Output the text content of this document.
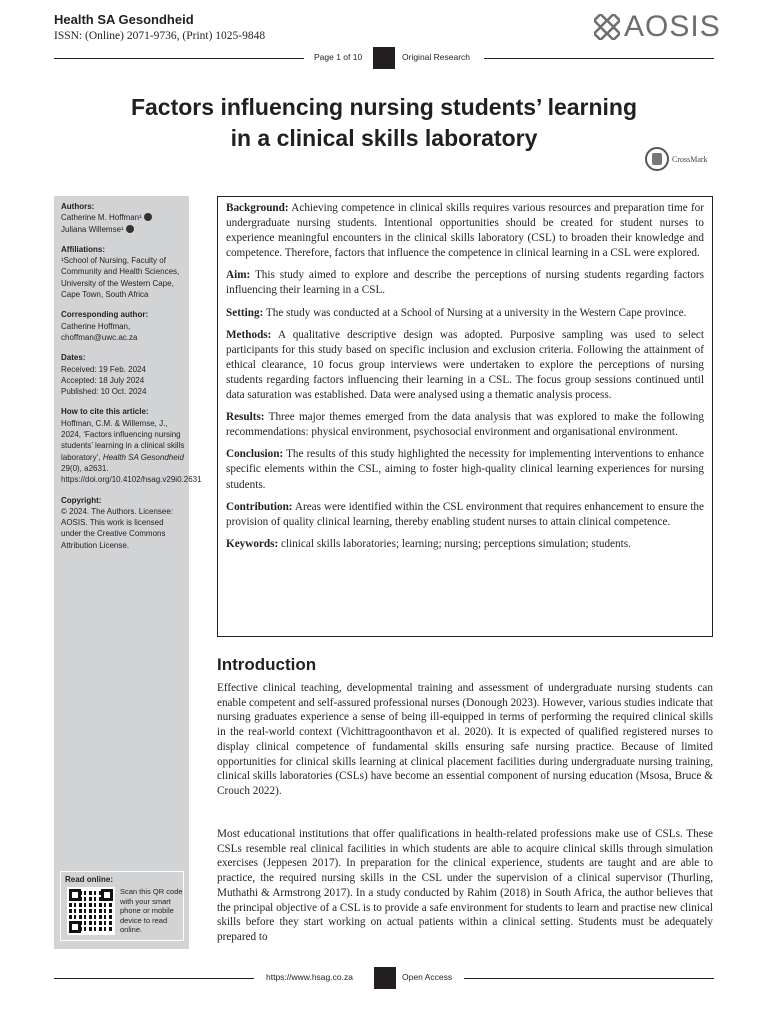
Health SA Gesondheid
ISSN: (Online) 2071-9736, (Print) 1025-9848	AOSIS
Page 1 of 10	Original Research
Factors influencing nursing students’ learning
in a clinical skills laboratory
CrossMark
Authors:
Catherine M. Hoffman¹
Juliana Willemse¹
Affiliations:
¹School of Nursing, Faculty of Community and Health Sciences, University of the Western Cape, Cape Town, South Africa
Corresponding author:
Catherine Hoffman,
choffman@uwc.ac.za
Dates:
Received: 19 Feb. 2024
Accepted: 18 July 2024
Published: 10 Oct. 2024
How to cite this article:
Hoffman, C.M. & Willemse, J., 2024, ‘Factors influencing nursing students’ learning in a clinical skills laboratory’, Health SA Gesondheid 29(0), a2631. https://doi.org/10.4102/hsag.v29i0.2631
Copyright:
© 2024. The Authors. Licensee: AOSIS. This work is licensed under the Creative Commons Attribution License.
Read online:
Scan this QR code with your smart phone or mobile device to read online.

Background: Achieving competence in clinical skills requires various resources and preparation time for undergraduate nursing students. Intentional opportunities should be created for student nurses to experience meaningful encounters in the clinical skills laboratory (CSL) to broaden their knowledge and competence. Therefore, factors that influence the competence in clinical learning in a CSL were explored.

Aim: This study aimed to explore and describe the perceptions of nursing students regarding factors influencing their learning in a CSL.

Setting: The study was conducted at a School of Nursing at a university in the Western Cape province.

Methods: A qualitative descriptive design was adopted. Purposive sampling was used to select participants for this study based on specific inclusion and exclusion criteria. Following the attainment of ethical clearance, 10 focus group interviews were undertaken to explore the perceptions of nursing students regarding factors influencing their learning in a CSL. The focus group sessions continued until data saturation was established. Data were analysed using a thematic analysis process.

Results: Three major themes emerged from the data analysis that was explored to make the following recommendations: physical environment, psychosocial environment and organisational environment.

Conclusion: The results of this study highlighted the necessity for implementing interventions to enhance specific elements within the CSL, aiming to foster high-quality clinical learning experiences for nursing students.

Contribution: Areas were identified within the CSL environment that requires enhancement to ensure the provision of quality clinical learning, thereby enabling student nurses to attain clinical competence.

Keywords: clinical skills laboratories; learning; nursing; perceptions simulation; students.

Introduction

Effective clinical teaching, developmental training and assessment of undergraduate nursing students can enable competent and self-assured professional nurses (Donough 2023). However, various studies indicate that nursing graduates experience a sense of being ill-equipped in terms of performing the required clinical skills in the real-world context (Vichittragoonthavon et al. 2020). It is expected of qualified registered nurses to display clinical competence of fundamental skills ensuring safe nursing practice. Because of limited opportunities for clinical skills learning at clinical placement facilities during undergraduate nursing training, clinical skills laboratories (CSLs) have become an essential component of nursing education (Msosa, Bruce & Crouch 2022).

Most educational institutions that offer qualifications in health-related professions make use of CSLs. These CSLs resemble real clinical facilities in which students are able to acquire clinical skills through simulation exercises (Jeppesen 2017). In preparation for the clinical experience, students are taught and are able to practice, the required nursing skills in the CSL under the supervision of a clinical supervisor (Thurling, Muthathi & Armstrong 2017). In a study conducted by Rahim (2018) in South Africa, the author believes that the principal objective of a CSL is to provide a safe environment for students to learn and practise new clinical skills before they start working on actual patients within a clinical setting. Students must be adequately prepared to

https://www.hsag.co.za	Open Access
